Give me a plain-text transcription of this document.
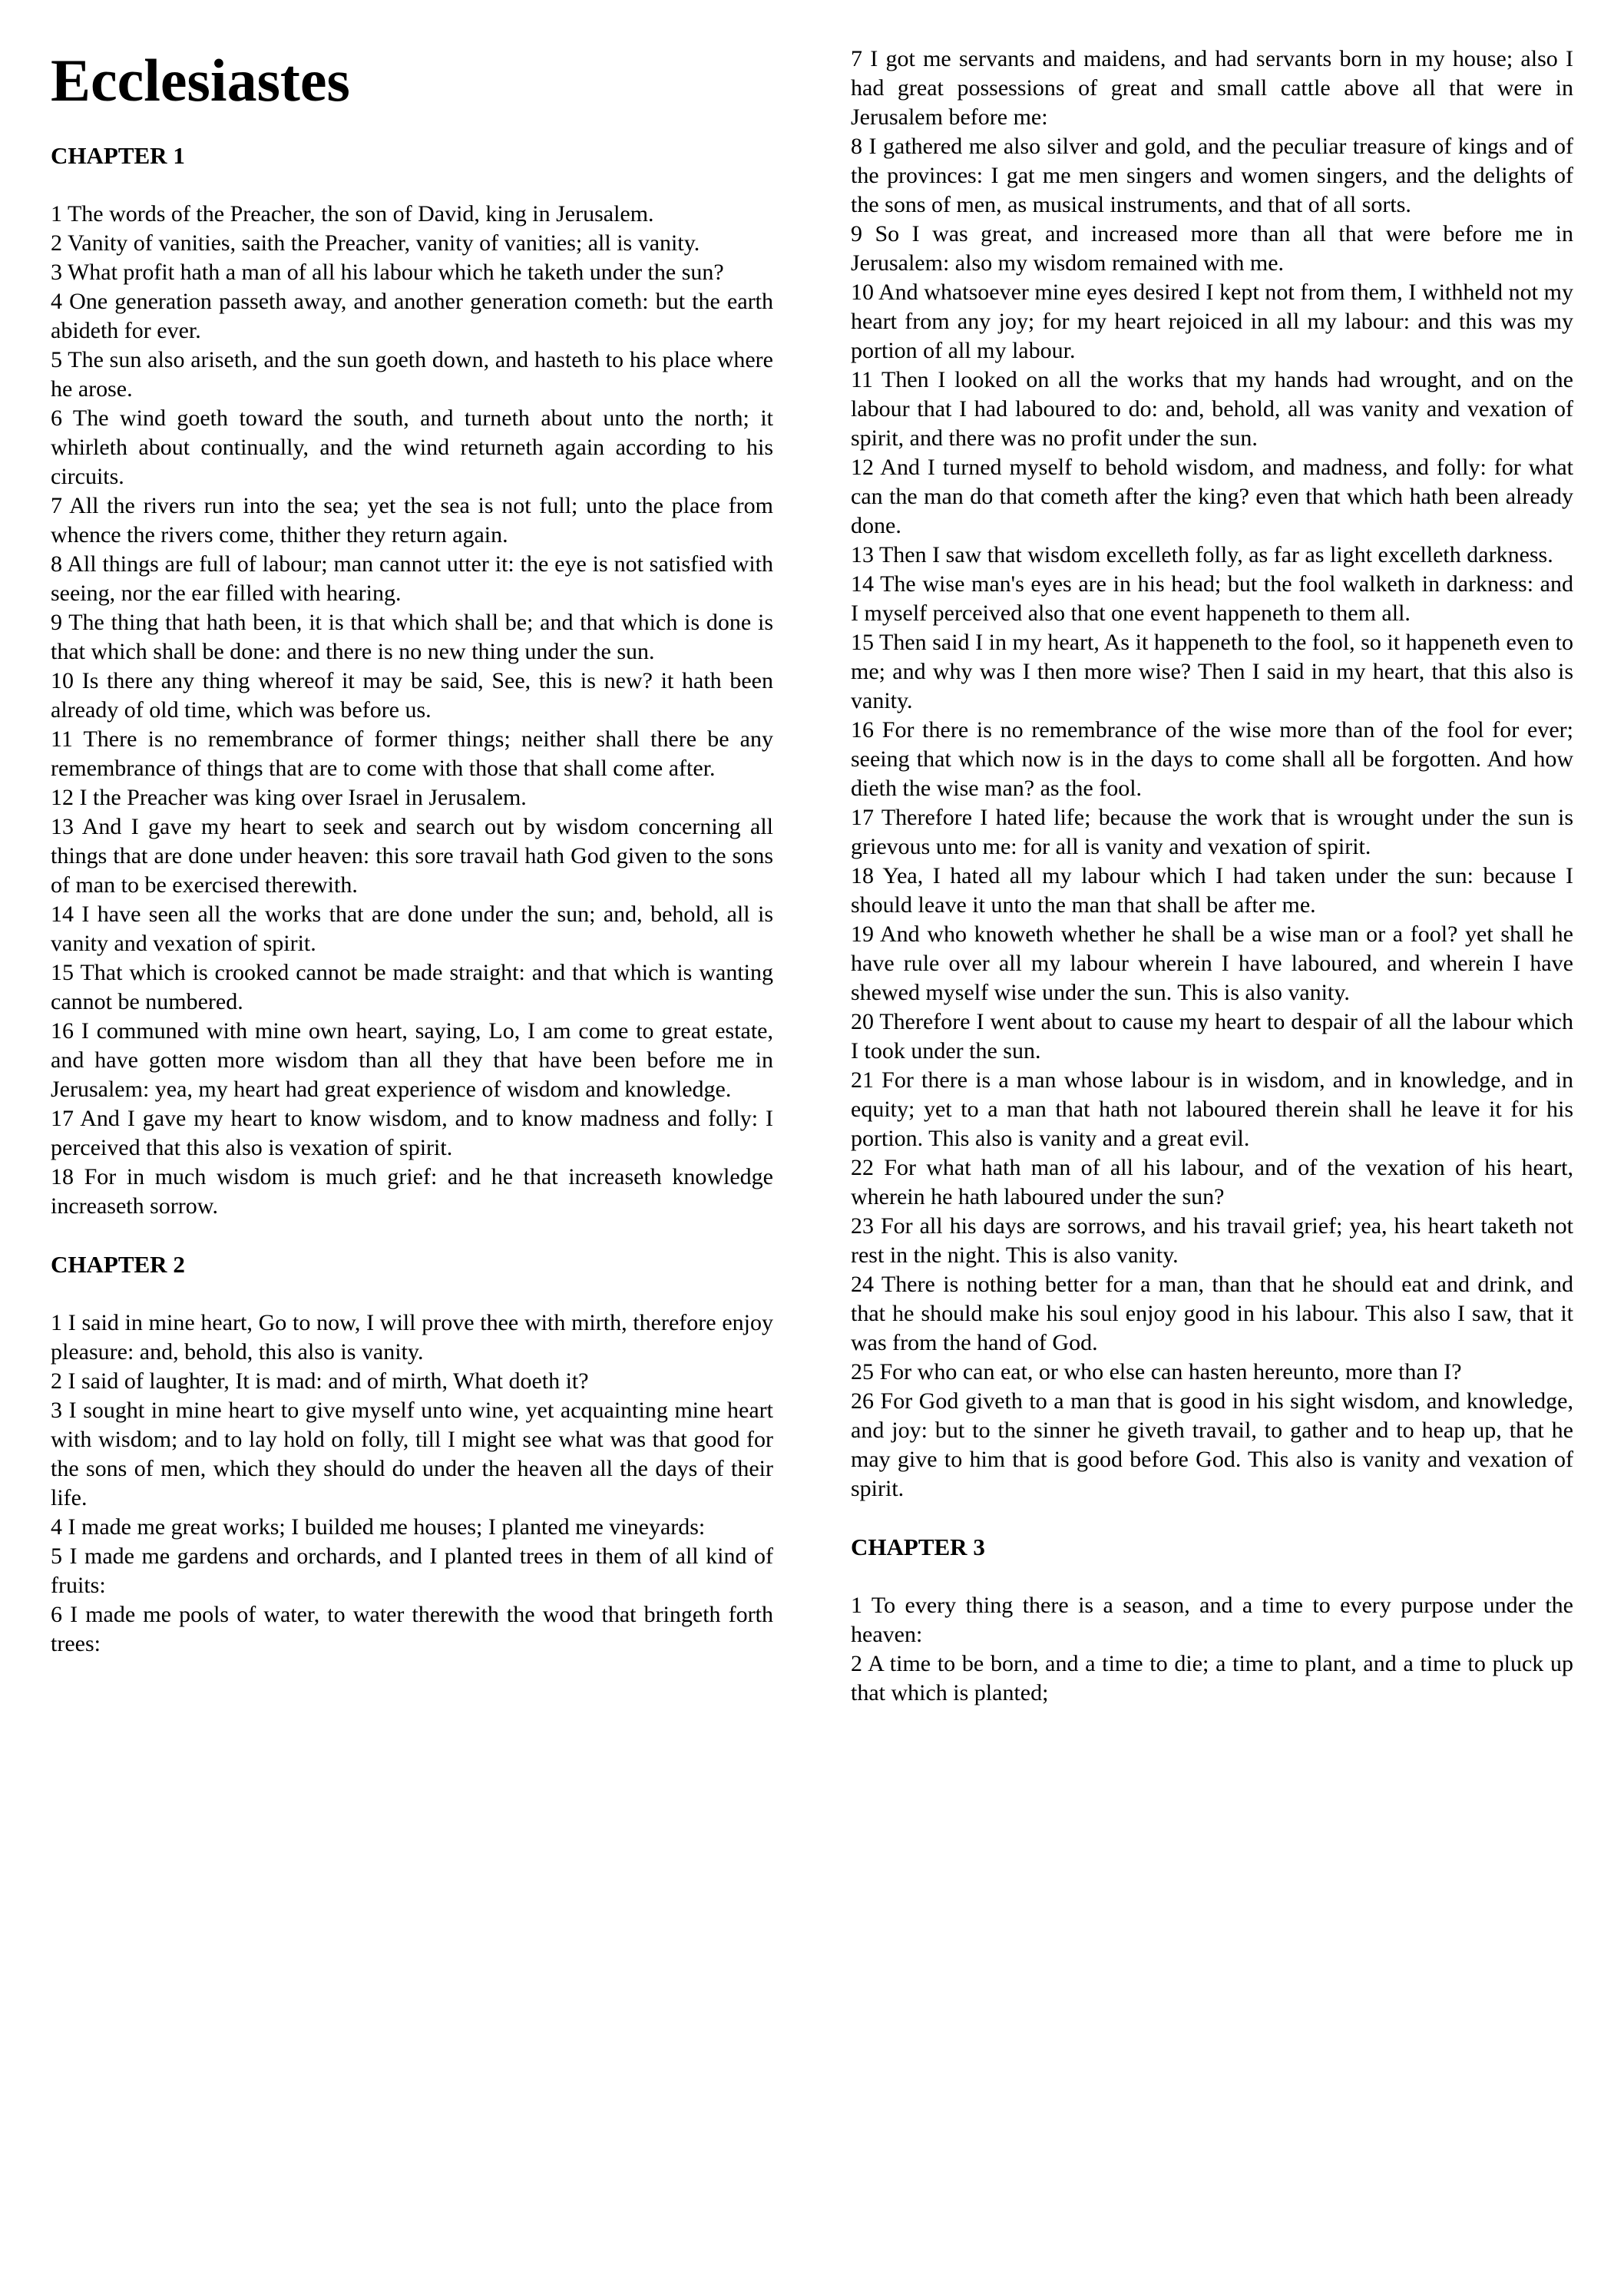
Ecclesiastes
CHAPTER 1

1 The words of the Preacher, the son of David, king in Jerusalem.

2 Vanity of vanities, saith the Preacher, vanity of vanities; all is vanity.

3 What profit hath a man of all his labour which he taketh under the sun?

4 One generation passeth away, and another generation cometh: but the earth abideth for ever.

5 The sun also ariseth, and the sun goeth down, and hasteth to his place where he arose.

6 The wind goeth toward the south, and turneth about unto the north; it whirleth about continually, and the wind returneth again according to his circuits.

7 All the rivers run into the sea; yet the sea is not full; unto the place from whence the rivers come, thither they return again.

8 All things are full of labour; man cannot utter it: the eye is not satisfied with seeing, nor the ear filled with hearing.

9 The thing that hath been, it is that which shall be; and that which is done is that which shall be done: and there is no new thing under the sun.

10 Is there any thing whereof it may be said, See, this is new? it hath been already of old time, which was before us.

11 There is no remembrance of former things; neither shall there be any remembrance of things that are to come with those that shall come after.

12 I the Preacher was king over Israel in Jerusalem.

13 And I gave my heart to seek and search out by wisdom concerning all things that are done under heaven: this sore travail hath God given to the sons of man to be exercised therewith.

14 I have seen all the works that are done under the sun; and, behold, all is vanity and vexation of spirit.

15 That which is crooked cannot be made straight: and that which is wanting cannot be numbered.

16 I communed with mine own heart, saying, Lo, I am come to great estate, and have gotten more wisdom than all they that have been before me in Jerusalem: yea, my heart had great experience of wisdom and knowledge.

17 And I gave my heart to know wisdom, and to know madness and folly: I perceived that this also is vexation of spirit.

18 For in much wisdom is much grief: and he that increaseth knowledge increaseth sorrow.

CHAPTER 2

1 I said in mine heart, Go to now, I will prove thee with mirth, therefore enjoy pleasure: and, behold, this also is vanity.

2 I said of laughter, It is mad: and of mirth, What doeth it?

3 I sought in mine heart to give myself unto wine, yet acquainting mine heart with wisdom; and to lay hold on folly, till I might see what was that good for the sons of men, which they should do under the heaven all the days of their life.

4 I made me great works; I builded me houses; I planted me vineyards:

5 I made me gardens and orchards, and I planted trees in them of all kind of fruits:

6 I made me pools of water, to water therewith the wood that bringeth forth trees:

7 I got me servants and maidens, and had servants born in my house; also I had great possessions of great and small cattle above all that were in Jerusalem before me:

8 I gathered me also silver and gold, and the peculiar treasure of kings and of the provinces: I gat me men singers and women singers, and the delights of the sons of men, as musical instruments, and that of all sorts.

9 So I was great, and increased more than all that were before me in Jerusalem: also my wisdom remained with me.

10 And whatsoever mine eyes desired I kept not from them, I withheld not my heart from any joy; for my heart rejoiced in all my labour: and this was my portion of all my labour.

11 Then I looked on all the works that my hands had wrought, and on the labour that I had laboured to do: and, behold, all was vanity and vexation of spirit, and there was no profit under the sun.

12 And I turned myself to behold wisdom, and madness, and folly: for what can the man do that cometh after the king? even that which hath been already done.

13 Then I saw that wisdom excelleth folly, as far as light excelleth darkness.

14 The wise man's eyes are in his head; but the fool walketh in darkness: and I myself perceived also that one event happeneth to them all.

15 Then said I in my heart, As it happeneth to the fool, so it happeneth even to me; and why was I then more wise? Then I said in my heart, that this also is vanity.

16 For there is no remembrance of the wise more than of the fool for ever; seeing that which now is in the days to come shall all be forgotten. And how dieth the wise man? as the fool.

17 Therefore I hated life; because the work that is wrought under the sun is grievous unto me: for all is vanity and vexation of spirit.

18 Yea, I hated all my labour which I had taken under the sun: because I should leave it unto the man that shall be after me.

19 And who knoweth whether he shall be a wise man or a fool? yet shall he have rule over all my labour wherein I have laboured, and wherein I have shewed myself wise under the sun. This is also vanity.

20 Therefore I went about to cause my heart to despair of all the labour which I took under the sun.

21 For there is a man whose labour is in wisdom, and in knowledge, and in equity; yet to a man that hath not laboured therein shall he leave it for his portion. This also is vanity and a great evil.

22 For what hath man of all his labour, and of the vexation of his heart, wherein he hath laboured under the sun?

23 For all his days are sorrows, and his travail grief; yea, his heart taketh not rest in the night. This is also vanity.

24 There is nothing better for a man, than that he should eat and drink, and that he should make his soul enjoy good in his labour. This also I saw, that it was from the hand of God.

25 For who can eat, or who else can hasten hereunto, more than I?

26 For God giveth to a man that is good in his sight wisdom, and knowledge, and joy: but to the sinner he giveth travail, to gather and to heap up, that he may give to him that is good before God. This also is vanity and vexation of spirit.

CHAPTER 3

1 To every thing there is a season, and a time to every purpose under the heaven:

2 A time to be born, and a time to die; a time to plant, and a time to pluck up that which is planted;
